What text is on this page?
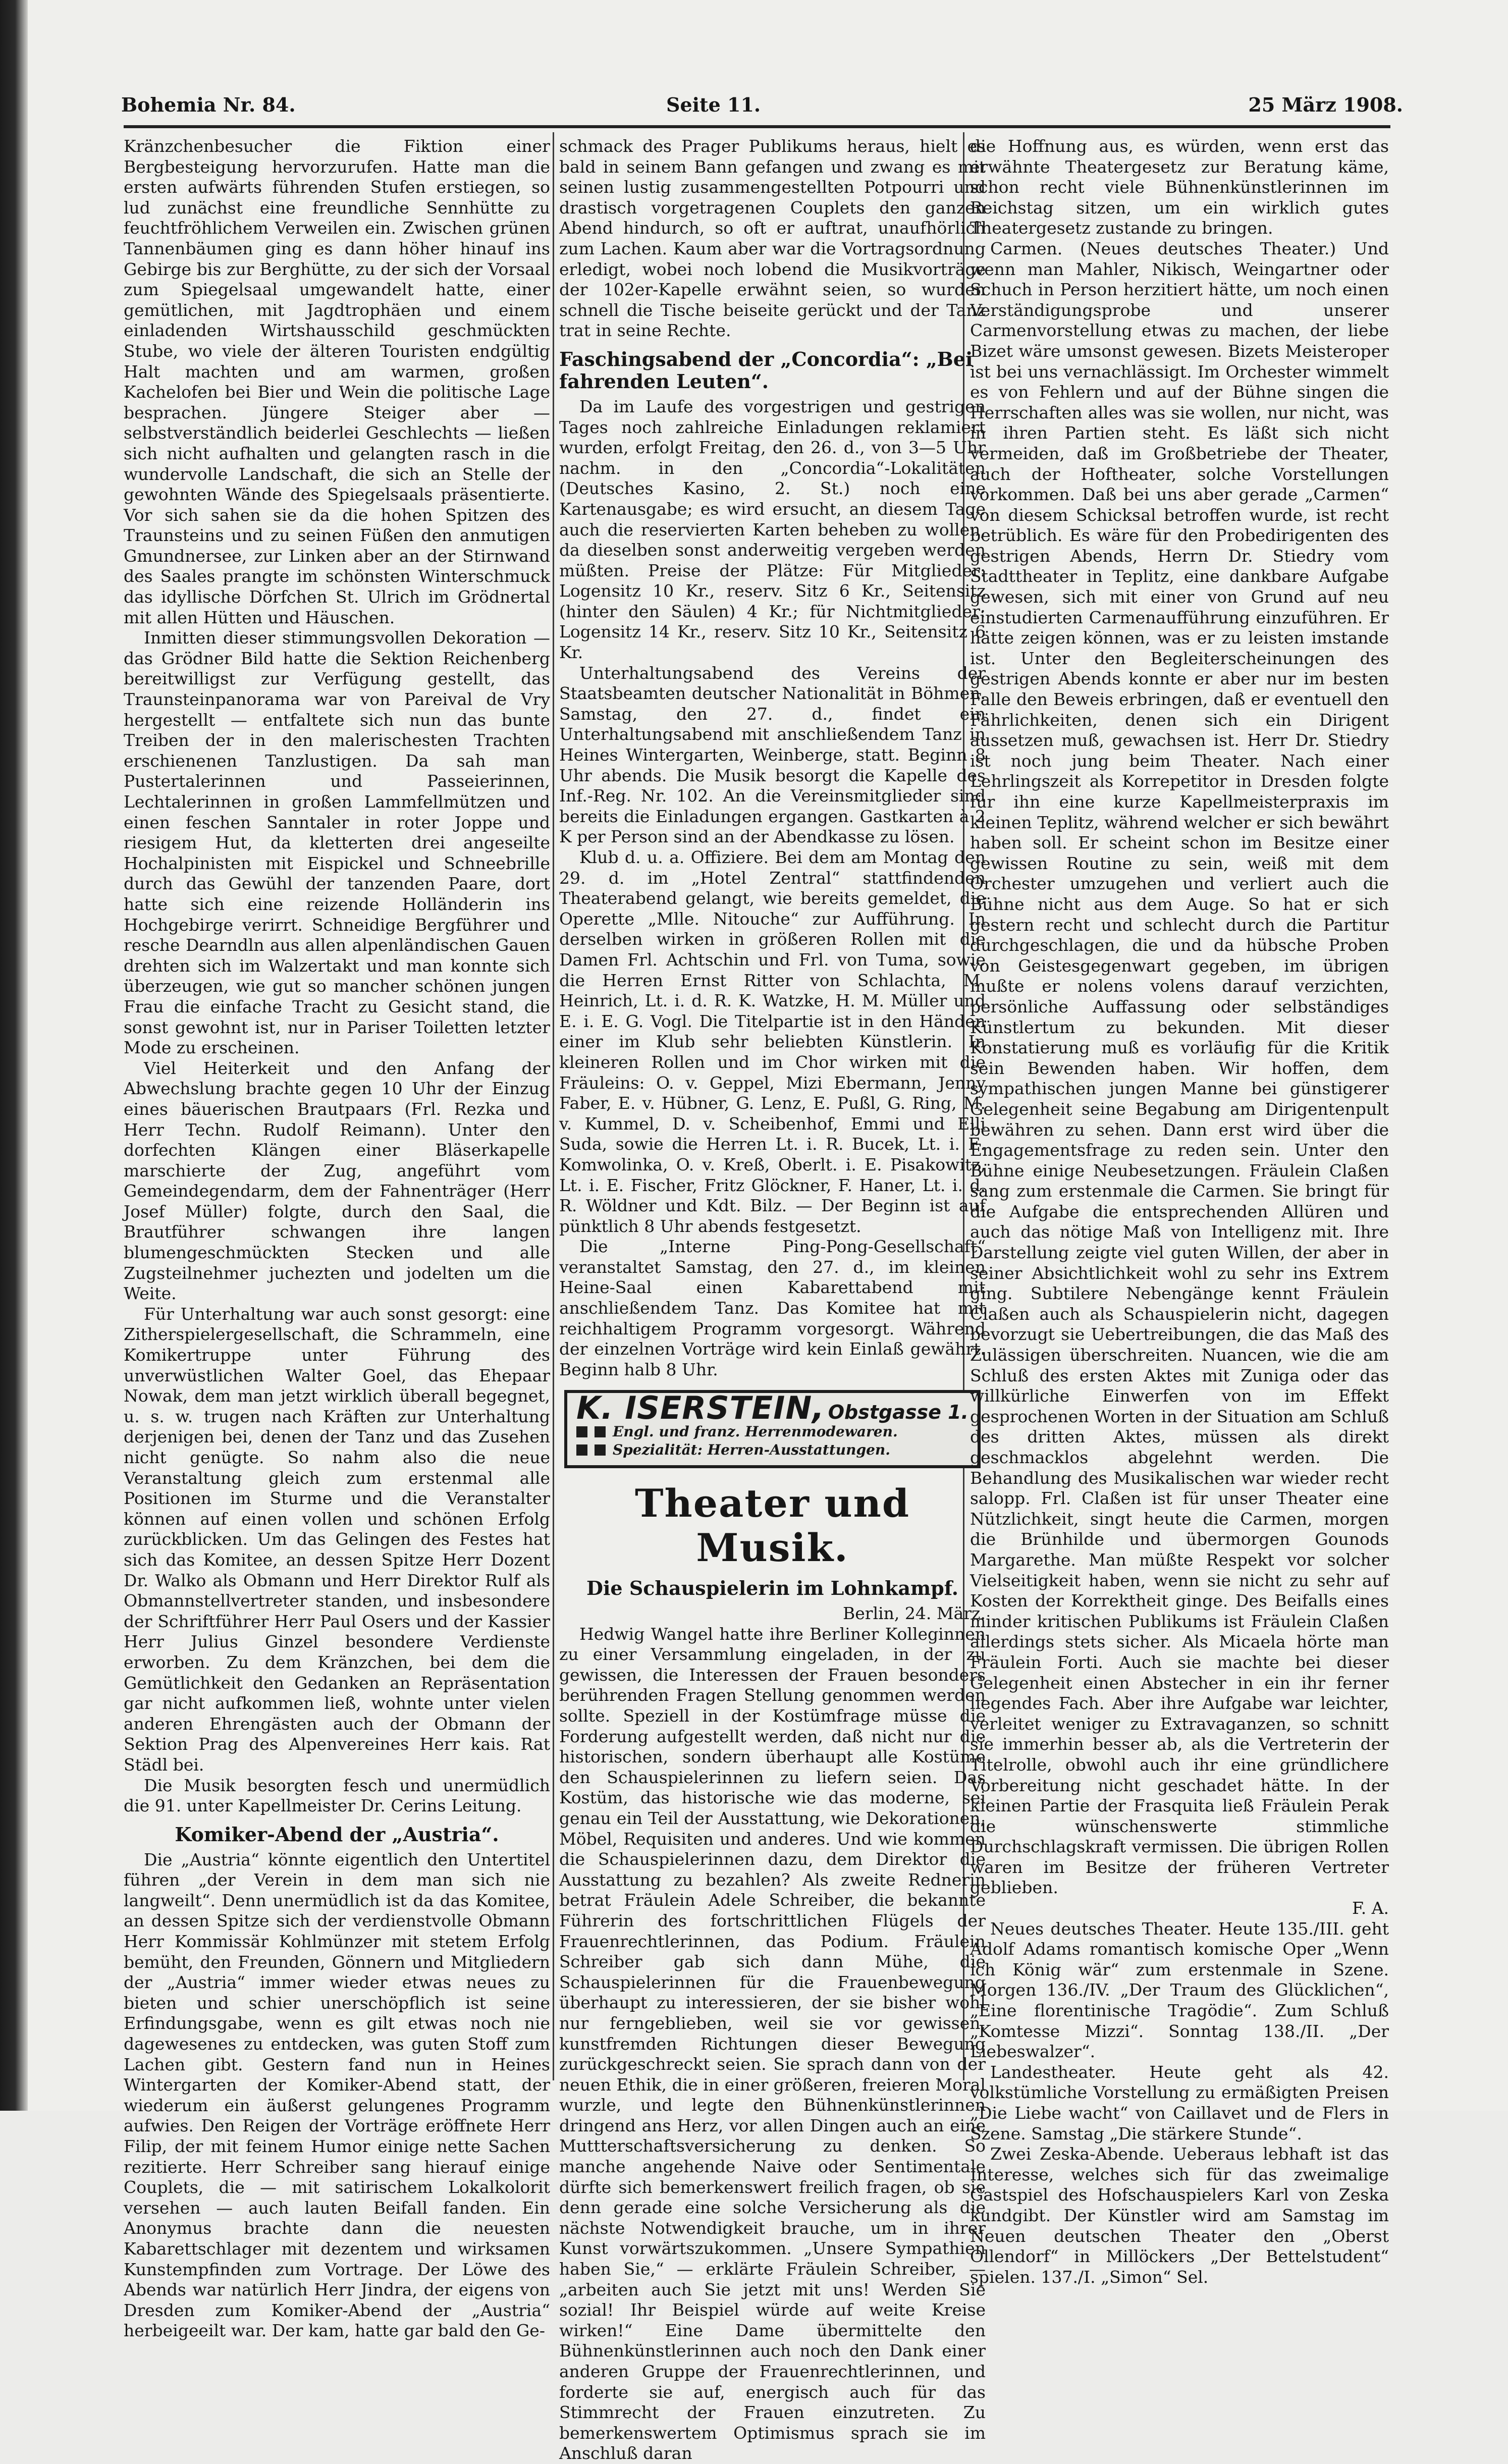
Bohemia Nr. 84.	Seite 11.	25 März 1908.

Kränzchenbesucher die Fiktion einer Bergbesteigung hervorzurufen. Hatte man die ersten aufwärts führenden Stufen erstiegen, so lud zunächst eine freundliche Sennhütte zu feuchtfröhlichem Verweilen ein. Zwischen grünen Tannenbäumen ging es dann höher hinauf ins Gebirge bis zur Berghütte, zu der sich der Vorsaal zum Spiegelsaal umgewandelt hatte, einer gemütlichen, mit Jagdtrophäen und einem einladenden Wirtshausschild geschmückten Stube, wo viele der älteren Touristen endgültig Halt machten und am warmen, großen Kachelofen bei Bier und Wein die politische Lage besprachen. Jüngere Steiger aber — selbstverständlich beiderlei Geschlechts — ließen sich nicht aufhalten und gelangten rasch in die wundervolle Landschaft, die sich an Stelle der gewohnten Wände des Spiegelsaals präsentierte. Vor sich sahen sie da die hohen Spitzen des Traunsteins und zu seinen Füßen den anmutigen Gmundnersee, zur Linken aber an der Stirnwand des Saales prangte im schönsten Winterschmuck das idyllische Dörfchen St. Ulrich im Grödnertal mit allen Hütten und Häuschen.

Inmitten dieser stimmungsvollen Dekoration — das Grödner Bild hatte die Sektion Reichenberg bereitwilligst zur Verfügung gestellt, das Traunsteinpanorama war von Pareival de Vry hergestellt — entfaltete sich nun das bunte Treiben der in den malerischesten Trachten erschienenen Tanzlustigen. Da sah man Pustertalerinnen und Passeierinnen, Lechtalerinnen in großen Lammfellmützen und einen feschen Sanntaler in roter Joppe und riesigem Hut, da kletterten drei angeseilte Hochalpinisten mit Eispickel und Schneebrille durch das Gewühl der tanzenden Paare, dort hatte sich eine reizende Holländerin ins Hochgebirge verirrt. Schneidige Bergführer und resche Dearndln aus allen alpenländischen Gauen drehten sich im Walzertakt und man konnte sich überzeugen, wie gut so mancher schönen jungen Frau die einfache Tracht zu Gesicht stand, die sonst gewohnt ist, nur in Pariser Toiletten letzter Mode zu erscheinen.

Viel Heiterkeit und den Anfang der Abwechslung brachte gegen 10 Uhr der Einzug eines bäuerischen Brautpaars (Frl. Rezka und Herr Techn. Rudolf Reimann). Unter den dorfechten Klängen einer Bläserkapelle marschierte der Zug, angeführt vom Gemeindegendarm, dem der Fahnenträger (Herr Josef Müller) folgte, durch den Saal, die Brautführer schwangen ihre langen blumengeschmückten Stecken und alle Zugsteilnehmer juchezten und jodelten um die Weite.

Für Unterhaltung war auch sonst gesorgt: eine Zitherspielergesellschaft, die Schrammeln, eine Komikertruppe unter Führung des unverwüstlichen Walter Goel, das Ehepaar Nowak, dem man jetzt wirklich überall begegnet, u. s. w. trugen nach Kräften zur Unterhaltung derjenigen bei, denen der Tanz und das Zusehen nicht genügte. So nahm also die neue Veranstaltung gleich zum erstenmal alle Positionen im Sturme und die Veranstalter können auf einen vollen und schönen Erfolg zurückblicken. Um das Gelingen des Festes hat sich das Komitee, an dessen Spitze Herr Dozent Dr. Walko als Obmann und Herr Direktor Rulf als Obmannstellvertreter standen, und insbesondere der Schriftführer Herr Paul Osers und der Kassier Herr Julius Ginzel besondere Verdienste erworben. Zu dem Kränzchen, bei dem die Gemütlichkeit den Gedanken an Repräsentation gar nicht aufkommen ließ, wohnte unter vielen anderen Ehrengästen auch der Obmann der Sektion Prag des Alpenvereines Herr kais. Rat Städl bei.

Die Musik besorgten fesch und unermüdlich die 91. unter Kapellmeister Dr. Cerins Leitung.

Komiker-Abend der „Austria“.

Die „Austria“ könnte eigentlich den Untertitel führen „der Verein in dem man sich nie langweilt“. Denn unermüdlich ist da das Komitee, an dessen Spitze sich der verdienstvolle Obmann Herr Kommissär Kohlmünzer mit stetem Erfolg bemüht, den Freunden, Gönnern und Mitgliedern der „Austria“ immer wieder etwas neues zu bieten und schier unerschöpflich ist seine Erfindungsgabe, wenn es gilt etwas noch nie dagewesenes zu entdecken, was guten Stoff zum Lachen gibt. Gestern fand nun in Heines Wintergarten der Komiker-Abend statt, der wiederum ein äußerst gelungenes Programm aufwies. Den Reigen der Vorträge eröffnete Herr Filip, der mit feinem Humor einige nette Sachen rezitierte. Herr Schreiber sang hierauf einige Couplets, die — mit satirischem Lokalkolorit versehen — auch lauten Beifall fanden. Ein Anonymus brachte dann die neuesten Kabarettschlager mit dezentem und wirksamen Kunstempfinden zum Vortrage. Der Löwe des Abends war natürlich Herr Jindra, der eigens von Dresden zum Komiker-Abend der „Austria“ herbeigeeilt war. Der kam, hatte gar bald den Ge-

schmack des Prager Publikums heraus, hielt es bald in seinem Bann gefangen und zwang es mit seinen lustig zusammengestellten Potpourri und drastisch vorgetragenen Couplets den ganzen Abend hindurch, so oft er auftrat, unaufhörlich zum Lachen. Kaum aber war die Vortragsordnung erledigt, wobei noch lobend die Musikvorträge der 102er-Kapelle erwähnt seien, so wurden schnell die Tische beiseite gerückt und der Tanz trat in seine Rechte.

Faschingsabend der „Concordia“: „Bei fahrenden Leuten“.

Da im Laufe des vorgestrigen und gestrigen Tages noch zahlreiche Einladungen reklamiert wurden, erfolgt Freitag, den 26. d., von 3—5 Uhr nachm. in den „Concordia“-Lokalitäten (Deutsches Kasino, 2. St.) noch eine Kartenausgabe; es wird ersucht, an diesem Tage auch die reservierten Karten beheben zu wollen, da dieselben sonst anderweitig vergeben werden müßten. Preise der Plätze: Für Mitglieder: Logensitz 10 Kr., reserv. Sitz 6 Kr., Seitensitz (hinter den Säulen) 4 Kr.; für Nichtmitglieder: Logensitz 14 Kr., reserv. Sitz 10 Kr., Seitensitz 6 Kr.

Unterhaltungsabend des Vereins der Staatsbeamten deutscher Nationalität in Böhmen. Samstag, den 27. d., findet ein Unterhaltungsabend mit anschließendem Tanz in Heines Wintergarten, Weinberge, statt. Beginn 8 Uhr abends. Die Musik besorgt die Kapelle des Inf.-Reg. Nr. 102. An die Vereinsmitglieder sind bereits die Einladungen ergangen. Gastkarten à 2 K per Person sind an der Abendkasse zu lösen.

Klub d. u. a. Offiziere. Bei dem am Montag den 29. d. im „Hotel Zentral“ stattfindenden Theaterabend gelangt, wie bereits gemeldet, die Operette „Mlle. Nitouche“ zur Aufführung. In derselben wirken in größeren Rollen mit die Damen Frl. Achtschin und Frl. von Tuma, sowie die Herren Ernst Ritter von Schlachta, M. Heinrich, Lt. i. d. R. K. Watzke, H. M. Müller und E. i. E. G. Vogl. Die Titelpartie ist in den Händen einer im Klub sehr beliebten Künstlerin. In kleineren Rollen und im Chor wirken mit die Fräuleins: O. v. Geppel, Mizi Ebermann, Jenny Faber, E. v. Hübner, G. Lenz, E. Pußl, G. Ring, M. v. Kummel, D. v. Scheibenhof, Emmi und Elli Suda, sowie die Herren Lt. i. R. Bucek, Lt. i. E. Komwolinka, O. v. Kreß, Oberlt. i. E. Pisakowitz, Lt. i. E. Fischer, Fritz Glöckner, F. Haner, Lt. i. d. R. Wöldner und Kdt. Bilz. — Der Beginn ist auf pünktlich 8 Uhr abends festgesetzt.

Die „Interne Ping-Pong-Gesellschaft“ veranstaltet Samstag, den 27. d., im kleinen Heine-Saal einen Kabarettabend mit anschließendem Tanz. Das Komitee hat mit reichhaltigem Programm vorgesorgt. Während der einzelnen Vorträge wird kein Einlaß gewährt. Beginn halb 8 Uhr.

K. ISERSTEIN, Obstgasse 1.
Engl. und franz. Herrenmodewaren.
Spezialität: Herren-Ausstattungen.
Theater und Musik.
Die Schauspielerin im Lohnkampf.

Berlin, 24. März.

Hedwig Wangel hatte ihre Berliner Kolleginnen zu einer Versammlung eingeladen, in der zu gewissen, die Interessen der Frauen besonders berührenden Fragen Stellung genommen werden sollte. Speziell in der Kostümfrage müsse die Forderung aufgestellt werden, daß nicht nur die historischen, sondern überhaupt alle Kostüme den Schauspielerinnen zu liefern seien. Das Kostüm, das historische wie das moderne, sei genau ein Teil der Ausstattung, wie Dekorationen, Möbel, Requisiten und anderes. Und wie kommen die Schauspielerinnen dazu, dem Direktor die Ausstattung zu bezahlen? Als zweite Rednerin betrat Fräulein Adele Schreiber, die bekannte Führerin des fortschrittlichen Flügels der Frauenrechtlerinnen, das Podium. Fräulein Schreiber gab sich dann Mühe, die Schauspielerinnen für die Frauenbewegung überhaupt zu interessieren, der sie bisher wohl nur ferngeblieben, weil sie vor gewissen, kunstfremden Richtungen dieser Bewegung zurückgeschreckt seien. Sie sprach dann von der neuen Ethik, die in einer größeren, freieren Moral wurzle, und legte den Bühnenkünstlerinnen dringend ans Herz, vor allen Dingen auch an eine Muttterschaftsversicherung zu denken. So manche angehende Naive oder Sentimentale dürfte sich bemerkenswert freilich fragen, ob sie denn gerade eine solche Versicherung als die nächste Notwendigkeit brauche, um in ihrer Kunst vorwärtszukommen. „Unsere Sympathien haben Sie,“ — erklärte Fräulein Schreiber, — „arbeiten auch Sie jetzt mit uns! Werden Sie sozial! Ihr Beispiel würde auf weite Kreise wirken!“ Eine Dame übermittelte den Bühnenkünstlerinnen auch noch den Dank einer anderen Gruppe der Frauenrechtlerinnen, und forderte sie auf, energisch auch für das Stimmrecht der Frauen einzutreten. Zu bemerkenswertem Optimismus sprach sie im Anschluß daran

die Hoffnung aus, es würden, wenn erst das erwähnte Theatergesetz zur Beratung käme, schon recht viele Bühnenkünstlerinnen im Reichstag sitzen, um ein wirklich gutes Theatergesetz zustande zu bringen.

Carmen. (Neues deutsches Theater.) Und wenn man Mahler, Nikisch, Weingartner oder Schuch in Person herzitiert hätte, um noch einen Verständigungsprobe und unserer Carmenvorstellung etwas zu machen, der liebe Bizet wäre umsonst gewesen. Bizets Meisteroper ist bei uns vernachlässigt. Im Orchester wimmelt es von Fehlern und auf der Bühne singen die Herrschaften alles was sie wollen, nur nicht, was in ihren Partien steht. Es läßt sich nicht vermeiden, daß im Großbetriebe der Theater, auch der Hoftheater, solche Vorstellungen vorkommen. Daß bei uns aber gerade „Carmen“ von diesem Schicksal betroffen wurde, ist recht betrüblich. Es wäre für den Probedirigenten des gestrigen Abends, Herrn Dr. Stiedry vom Stadttheater in Teplitz, eine dankbare Aufgabe gewesen, sich mit einer von Grund auf neu einstudierten Carmenaufführung einzuführen. Er hätte zeigen können, was er zu leisten imstande ist. Unter den Begleiterscheinungen des gestrigen Abends konnte er aber nur im besten Falle den Beweis erbringen, daß er eventuell den Fährlichkeiten, denen sich ein Dirigent aussetzen muß, gewachsen ist. Herr Dr. Stiedry ist noch jung beim Theater. Nach einer Lehrlingszeit als Korrepetitor in Dresden folgte für ihn eine kurze Kapellmeisterpraxis im kleinen Teplitz, während welcher er sich bewährt haben soll. Er scheint schon im Besitze einer gewissen Routine zu sein, weiß mit dem Orchester umzugehen und verliert auch die Bühne nicht aus dem Auge. So hat er sich gestern recht und schlecht durch die Partitur durchgeschlagen, die und da hübsche Proben von Geistesgegenwart gegeben, im übrigen mußte er nolens volens darauf verzichten, persönliche Auffassung oder selbständiges Künstlertum zu bekunden. Mit dieser Konstatierung muß es vorläufig für die Kritik sein Bewenden haben. Wir hoffen, dem sympathischen jungen Manne bei günstigerer Gelegenheit seine Begabung am Dirigentenpult bewähren zu sehen. Dann erst wird über die Engagementsfrage zu reden sein. Unter den Bühne einige Neubesetzungen. Fräulein Claßen sang zum erstenmale die Carmen. Sie bringt für die Aufgabe die entsprechenden Allüren und auch das nötige Maß von Intelligenz mit. Ihre Darstellung zeigte viel guten Willen, der aber in seiner Absichtlichkeit wohl zu sehr ins Extrem ging. Subtilere Nebengänge kennt Fräulein Claßen auch als Schauspielerin nicht, dagegen bevorzugt sie Uebertreibungen, die das Maß des Zulässigen überschreiten. Nuancen, wie die am Schluß des ersten Aktes mit Zuniga oder das willkürliche Einwerfen von im Effekt gesprochenen Worten in der Situation am Schluß des dritten Aktes, müssen als direkt geschmacklos abgelehnt werden. Die Behandlung des Musikalischen war wieder recht salopp. Frl. Claßen ist für unser Theater eine Nützlichkeit, singt heute die Carmen, morgen die Brünhilde und übermorgen Gounods Margarethe. Man müßte Respekt vor solcher Vielseitigkeit haben, wenn sie nicht zu sehr auf Kosten der Korrektheit ginge. Des Beifalls eines minder kritischen Publikums ist Fräulein Claßen allerdings stets sicher. Als Micaela hörte man Fräulein Forti. Auch sie machte bei dieser Gelegenheit einen Abstecher in ein ihr ferner liegendes Fach. Aber ihre Aufgabe war leichter, verleitet weniger zu Extravaganzen, so schnitt sie immerhin besser ab, als die Vertreterin der Titelrolle, obwohl auch ihr eine gründlichere Vorbereitung nicht geschadet hätte. In der kleinen Partie der Frasquita ließ Fräulein Perak die wünschenswerte stimmliche Durchschlagskraft vermissen. Die übrigen Rollen waren im Besitze der früheren Vertreter geblieben.

F. A.

Neues deutsches Theater. Heute 135./III. geht Adolf Adams romantisch komische Oper „Wenn ich König wär“ zum erstenmale in Szene. Morgen 136./IV. „Der Traum des Glücklichen“, „Eine florentinische Tragödie“. Zum Schluß „Komtesse Mizzi“. Sonntag 138./II. „Der Liebeswalzer“.

Landestheater. Heute geht als 42. volkstümliche Vorstellung zu ermäßigten Preisen „Die Liebe wacht“ von Caillavet und de Flers in Szene. Samstag „Die stärkere Stunde“.

Zwei Zeska-Abende. Ueberaus lebhaft ist das Interesse, welches sich für das zweimalige Gastspiel des Hofschauspielers Karl von Zeska kundgibt. Der Künstler wird am Samstag im Neuen deutschen Theater den „Oberst Ollendorf“ in Millöckers „Der Bettelstudent“ spielen. 137./I. „Simon“ Sel.
